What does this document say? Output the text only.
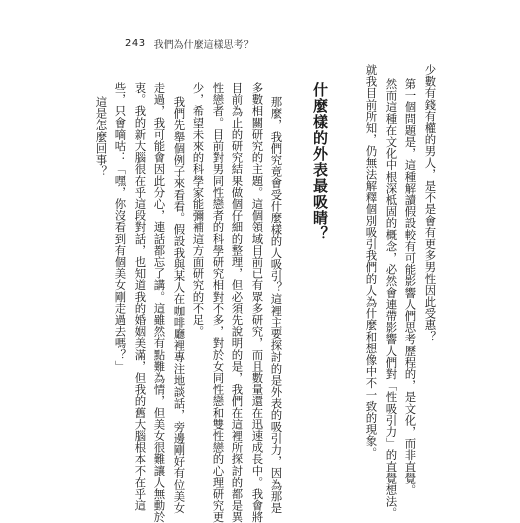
243 我們為什麼這樣思考？
少數有錢有權的男人，是不是會有更多男性因此受惠？
第一個問題是，這種解讀假設較有可能影響人們思考歷程的，是文化，而非直覺。
然而這種在文化中根深柢固的概念，必然會連帶影響人們對「性吸引力」的直覺想法。
就我目前所知，仍無法解釋個別吸引我們的人為什麼和想像中不一致的現象。
什麼樣的外表最吸睛？
那麼，我們究竟會受什麼樣的人吸引？這裡主要探討的是外表的吸引力，因為那是
多數相關研究的主題。這個領域目前已有眾多研究，而且數量還在迅速成長中。我會將
目前為止的研究結果做個仔細的整理，但必須先說明的是，我們在這裡所探討的都是異
性戀者。目前對男同性戀者的科學研究相對不多，對於女同性戀和雙性戀的心理研究更
少，希望未來的科學家能彌補這方面研究的不足。
我們先舉個例子來看看。假設我與某人在咖啡廳裡專注地談話，旁邊剛好有位美女
走過，我可能會因此分心，連話都忘了講。這雖然有點難為情，但美女很難讓人無動於
衷。我的新大腦很在乎這段對話，也知道我的婚姻美滿，但我的舊大腦根本不在乎這
些，只會嘀咕：「嘿，你沒看到有個美女剛走過去嗎？」
這是怎麼回事？
